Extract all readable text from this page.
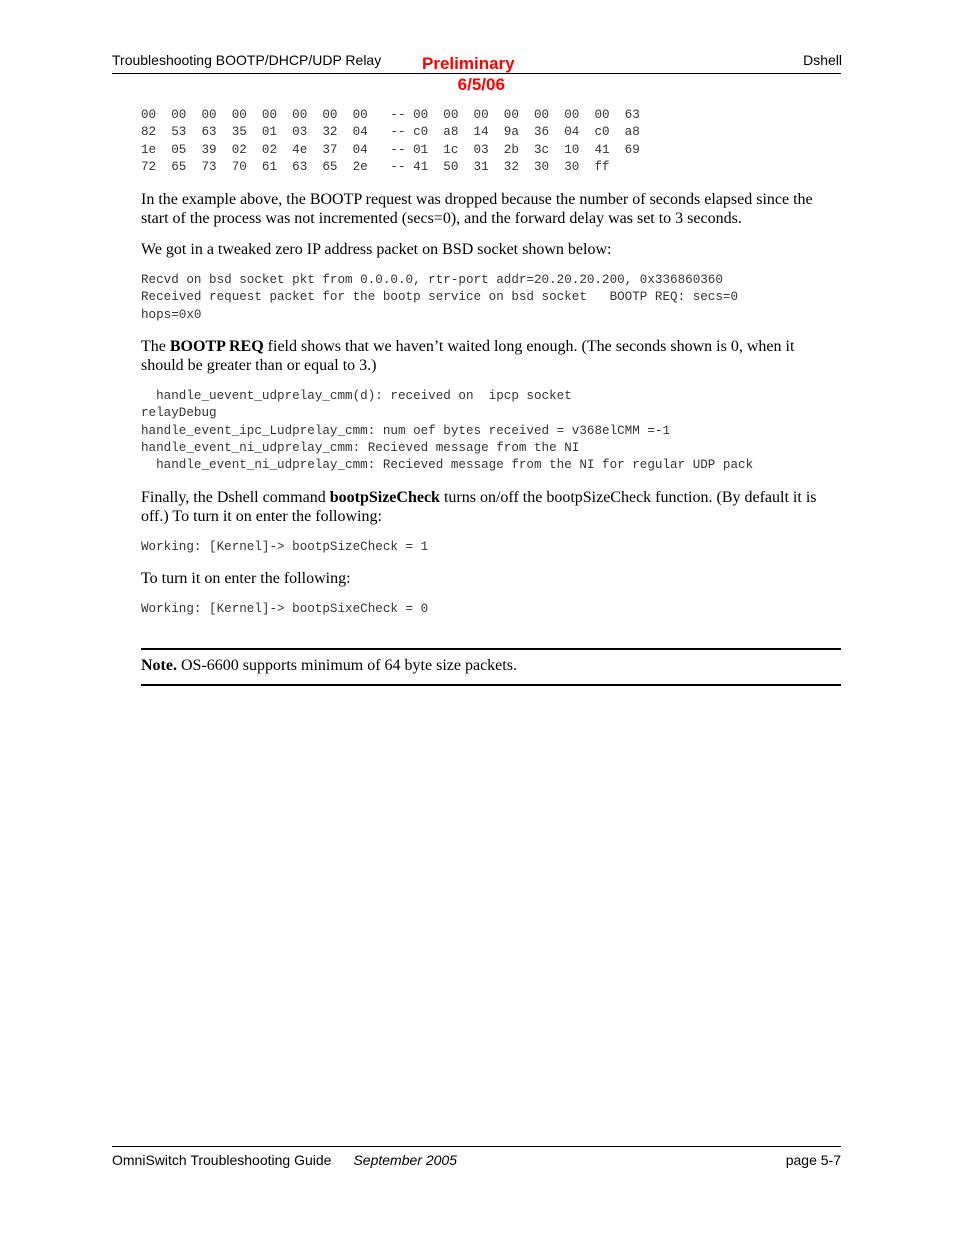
Troubleshooting BOOTP/DHCP/UDP Relay Preliminary
6/5/06
Dshell
00  00  00  00  00  00  00  00   -- 00  00  00  00  00  00  00  63
82  53  63  35  01  03  32  04   -- c0  a8  14  9a  36  04  c0  a8
1e  05  39  02  02  4e  37  04   -- 01  1c  03  2b  3c  10  41  69
72  65  73  70  61  63  65  2e   -- 41  50  31  32  30  30  ff

In the example above, the BOOTP request was dropped because the number of seconds elapsed since the start of the process was not incremented (secs=0), and the forward delay was set to 3 seconds.

We got in a tweaked zero IP address packet on BSD socket shown below:

Recvd on bsd socket pkt from 0.0.0.0, rtr-port addr=20.20.20.200, 0x336860360
Received request packet for the bootp service on bsd socket   BOOTP REQ: secs=0
hops=0x0

The BOOTP REQ field shows that we haven’t waited long enough. (The seconds shown is 0, when it should be greater than or equal to 3.)

handle_uevent_udprelay_cmm(d): received on  ipcp socket
relayDebug
handle_event_ipc_Ludprelay_cmm: num oef bytes received = v368elCMM =-1
handle_event_ni_udprelay_cmm: Recieved message from the NI
handle_event_ni_udprelay_cmm: Recieved message from the NI for regular UDP pack

Finally, the Dshell command bootpSizeCheck turns on/off the bootpSizeCheck function. (By default it is off.) To turn it on enter the following:

Working: [Kernel]-> bootpSizeCheck = 1

To turn it on enter the following:

Working: [Kernel]-> bootpSixeCheck = 0
Note. OS-6600 supports minimum of 64 byte size packets.
OmniSwitch Troubleshooting Guide September 2005	page 5-7
